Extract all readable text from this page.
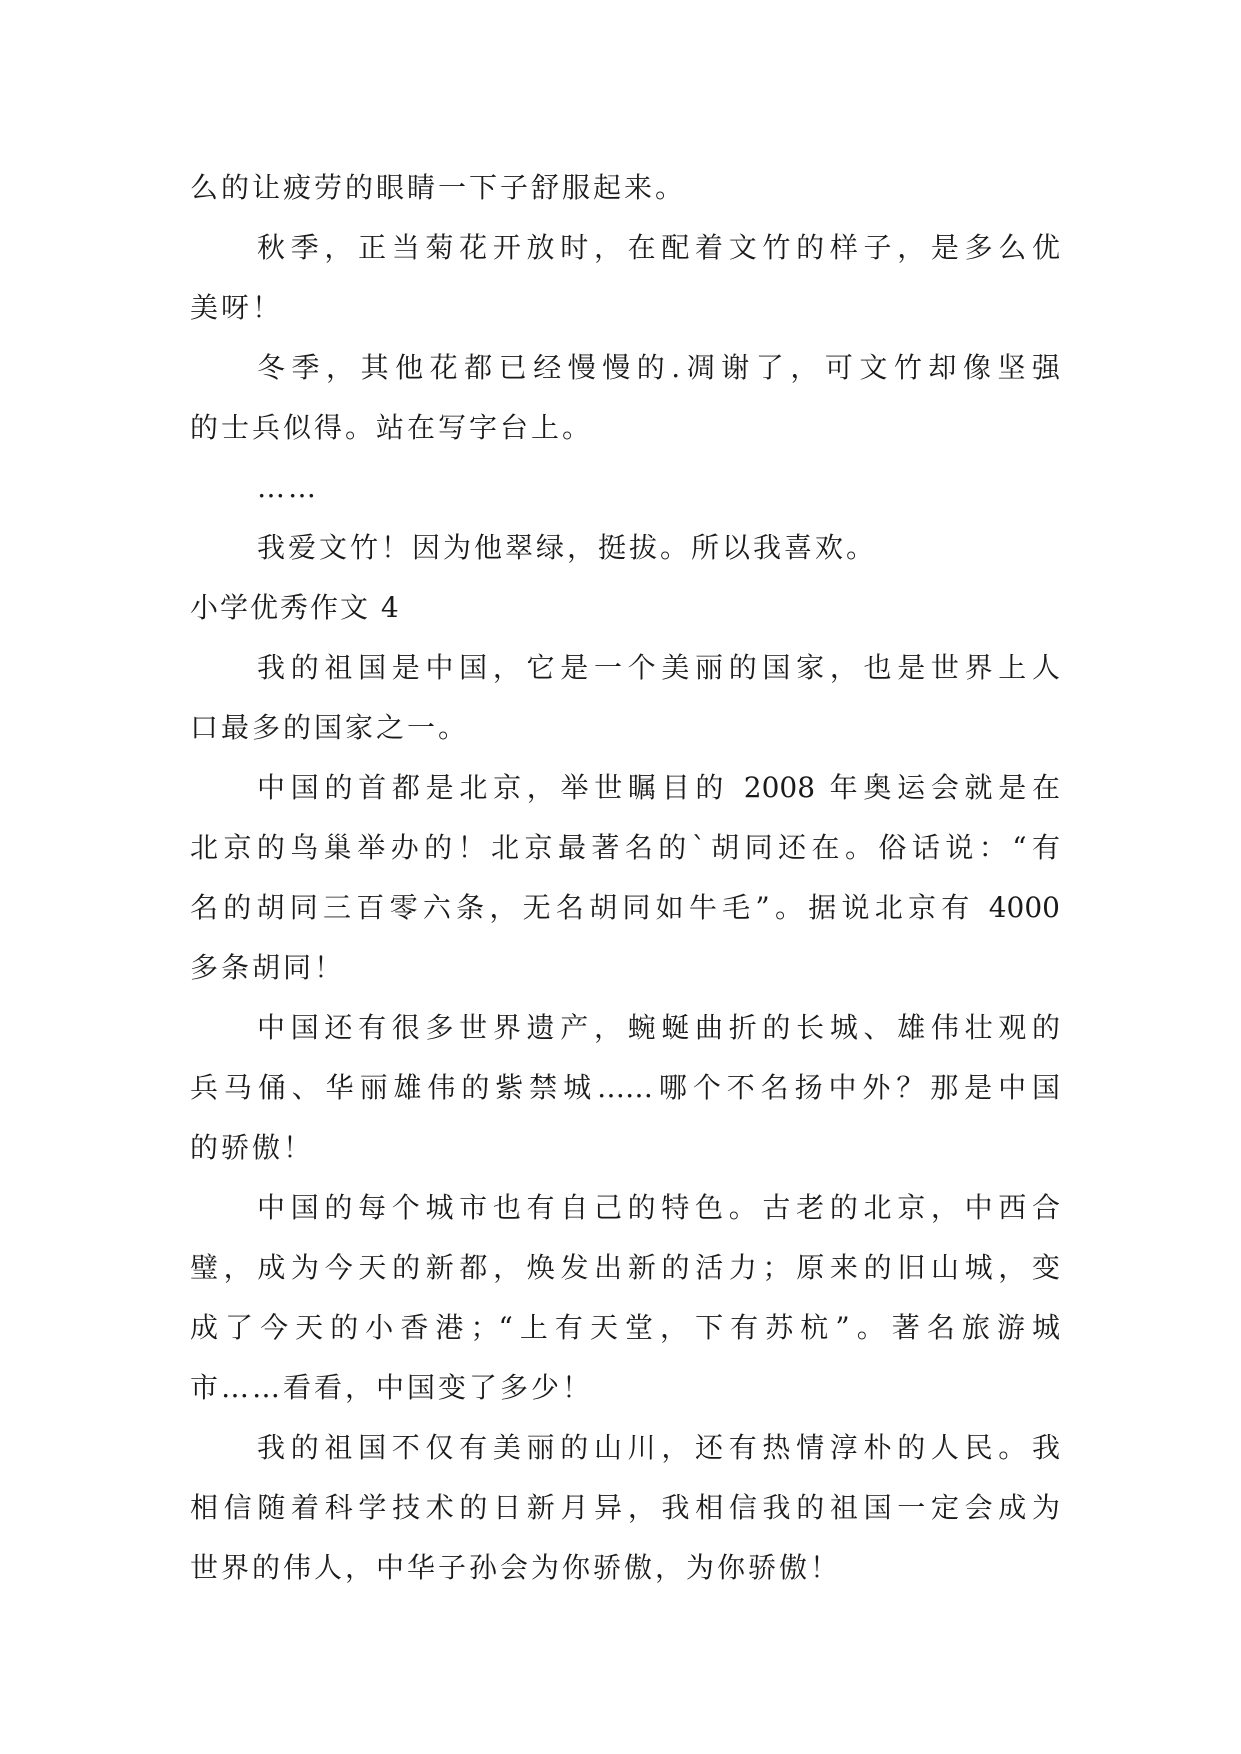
么的让疲劳的眼睛一下子舒服起来。
秋季，正当菊花开放时，在配着文竹的样子，是多么优
美呀！
冬季，其他花都已经慢慢的.凋谢了，可文竹却像坚强
的士兵似得。站在写字台上。
……
我爱文竹！因为他翠绿，挺拔。所以我喜欢。
小学优秀作文 4
我的祖国是中国，它是一个美丽的国家，也是世界上人
口最多的国家之一。
中国的首都是北京，举世瞩目的 2008 年奥运会就是在
北京的鸟巢举办的！北京最著名的`胡同还在。俗话说：“有
名的胡同三百零六条，无名胡同如牛毛”。据说北京有 4000
多条胡同！
中国还有很多世界遗产，蜿蜒曲折的长城、雄伟壮观的
兵马俑、华丽雄伟的紫禁城……哪个不名扬中外？那是中国
的骄傲！
中国的每个城市也有自己的特色。古老的北京，中西合
璧，成为今天的新都，焕发出新的活力；原来的旧山城，变
成了今天的小香港；“上有天堂，下有苏杭”。著名旅游城
市……看看，中国变了多少！
我的祖国不仅有美丽的山川，还有热情淳朴的人民。我
相信随着科学技术的日新月异，我相信我的祖国一定会成为
世界的伟人，中华子孙会为你骄傲，为你骄傲！
